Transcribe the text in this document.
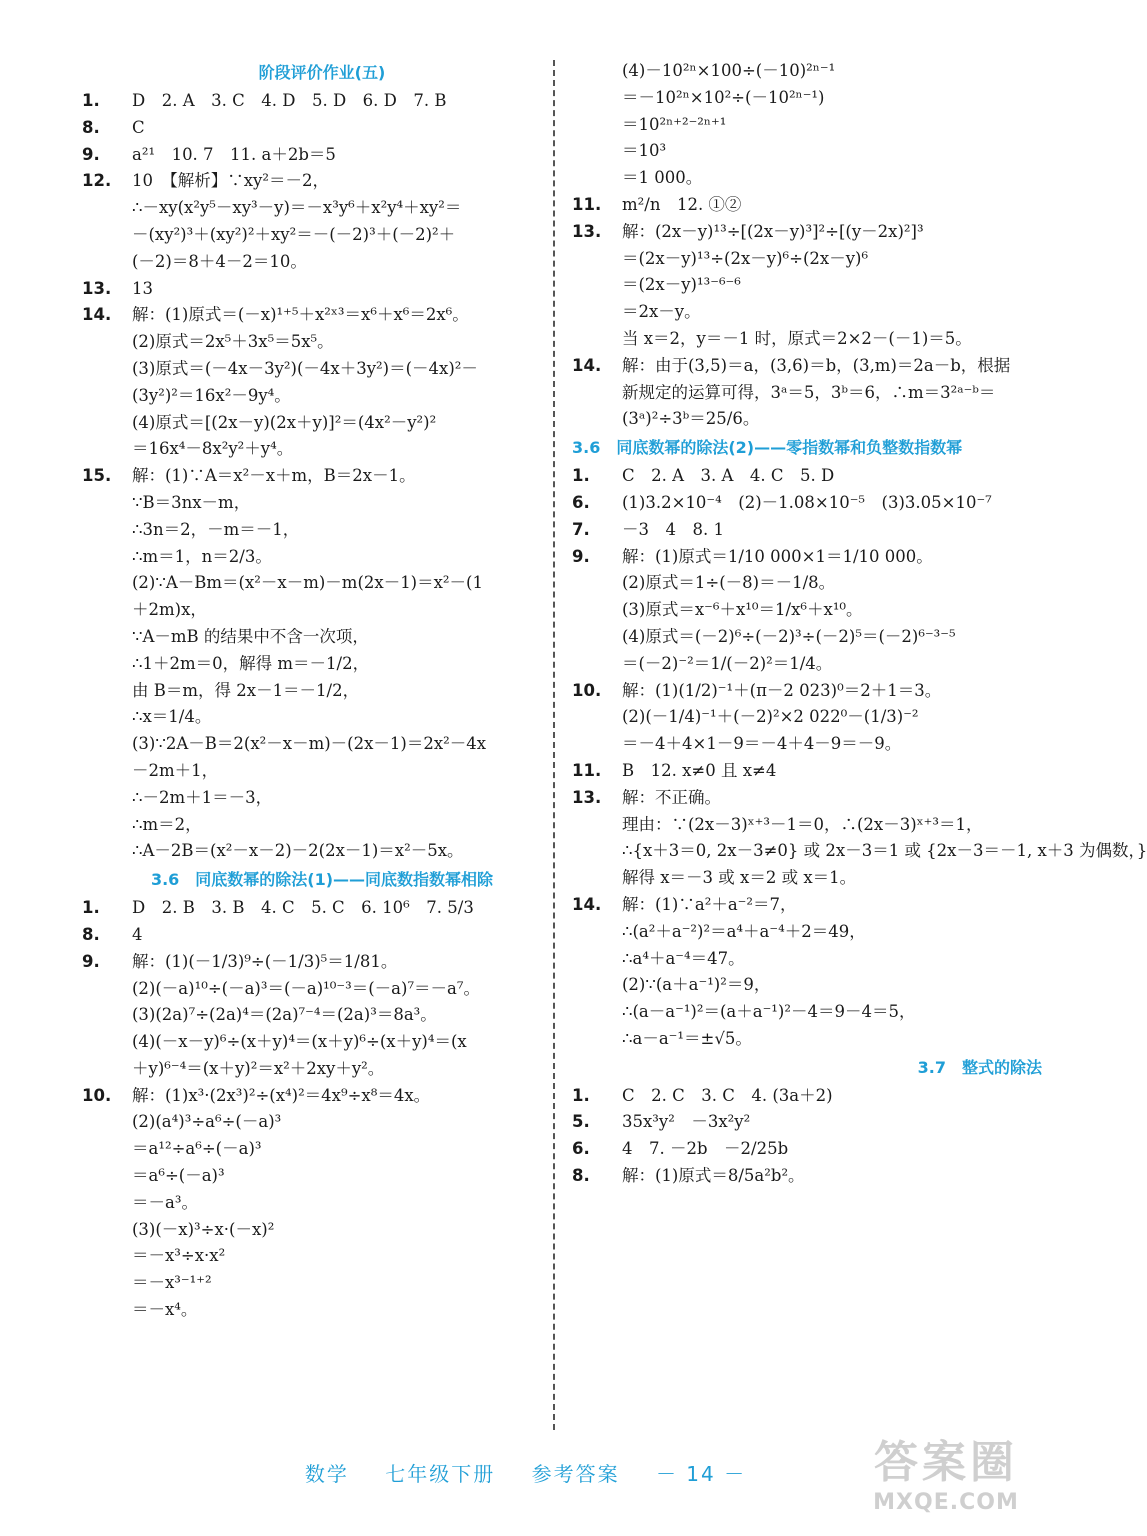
阶段评价作业(五)
1. D　2. A　3. C　4. D　5. D　6. D　7. B
8. C
9. a²¹　10. 7　11. a＋2b＝5
12. 10　【解析】∵xy²＝－2，
∴－xy(x²y⁵－xy³－y)＝－x³y⁶＋x²y⁴＋xy²＝
－(xy²)³＋(xy²)²＋xy²＝－(－2)³＋(－2)²＋
(－2)＝8＋4－2＝10。
13. 13
14. 解：(1)原式＝(－x)¹⁺⁵＋x²ˣ³＝x⁶＋x⁶＝2x⁶。
(2)原式＝2x⁵＋3x⁵＝5x⁵。
(3)原式＝(－4x－3y²)(－4x＋3y²)＝(－4x)²－
(3y²)²＝16x²－9y⁴。
(4)原式＝[(2x－y)(2x＋y)]²＝(4x²－y²)²
＝16x⁴－8x²y²＋y⁴。
15. 解：(1)∵A＝x²－x＋m，B＝2x－1。
∵B＝3nx－m，
∴3n＝2，－m＝－1，
∴m＝1，n＝2/3。
(2)∵A－Bm＝(x²－x－m)－m(2x－1)＝x²－(1
＋2m)x，
∵A－mB 的结果中不含一次项，
∴1＋2m＝0，解得 m＝－1/2，
由 B＝m，得 2x－1＝－1/2，
∴x＝1/4。
(3)∵2A－B＝2(x²－x－m)－(2x－1)＝2x²－4x
－2m＋1，
∴－2m＋1＝－3，
∴m＝2，
∴A－2B＝(x²－x－2)－2(2x－1)＝x²－5x。
3.6　同底数幂的除法(1)——同底数指数幂相除
1. D　2. B　3. B　4. C　5. C　6. 10⁶　7. 5/3
8. 4
9. 解：(1)(－1/3)⁹÷(－1/3)⁵＝1/81。
(2)(－a)¹⁰÷(－a)³＝(－a)¹⁰⁻³＝(－a)⁷＝－a⁷。
(3)(2a)⁷÷(2a)⁴＝(2a)⁷⁻⁴＝(2a)³＝8a³。
(4)(－x－y)⁶÷(x＋y)⁴＝(x＋y)⁶÷(x＋y)⁴＝(x
＋y)⁶⁻⁴＝(x＋y)²＝x²＋2xy＋y²。
10. 解：(1)x³·(2x³)²÷(x⁴)²＝4x⁹÷x⁸＝4x。
(2)(a⁴)³÷a⁶÷(－a)³
＝a¹²÷a⁶÷(－a)³
＝a⁶÷(－a)³
＝－a³。
(3)(－x)³÷x·(－x)²
＝－x³÷x·x²
＝－x³⁻¹⁺²
＝－x⁴。
(4)－10²ⁿ×100÷(－10)²ⁿ⁻¹
＝－10²ⁿ×10²÷(－10²ⁿ⁻¹)
＝10²ⁿ⁺²⁻²ⁿ⁺¹
＝10³
＝1 000。
11. m²/n　12. ①②
13. 解：(2x－y)¹³÷[(2x－y)³]²÷[(y－2x)²]³
＝(2x－y)¹³÷(2x－y)⁶÷(2x－y)⁶
＝(2x－y)¹³⁻⁶⁻⁶
＝2x－y。
当 x＝2，y＝－1 时，原式＝2×2－(－1)＝5。
14. 解：由于(3,5)＝a，(3,6)＝b，(3,m)＝2a－b，根据
新规定的运算可得，3ᵃ＝5，3ᵇ＝6，∴m＝3²ᵃ⁻ᵇ＝
(3ᵃ)²÷3ᵇ＝25/6。
3.6　同底数幂的除法(2)——零指数幂和负整数指数幂
1. C　2. A　3. A　4. C　5. D
6. (1)3.2×10⁻⁴　(2)－1.08×10⁻⁵　(3)3.05×10⁻⁷
7. －3　4　8. 1
9. 解：(1)原式＝1/10 000×1＝1/10 000。
(2)原式＝1÷(－8)＝－1/8。
(3)原式＝x⁻⁶＋x¹⁰＝1/x⁶＋x¹⁰。
(4)原式＝(－2)⁶÷(－2)³÷(－2)⁵＝(－2)⁶⁻³⁻⁵
＝(－2)⁻²＝1/(－2)²＝1/4。
10. 解：(1)(1/2)⁻¹＋(π－2 023)⁰＝2＋1＝3。
(2)(－1/4)⁻¹＋(－2)²×2 022⁰－(1/3)⁻²
＝－4＋4×1－9＝－4＋4－9＝－9。
11. B　12. x≠0 且 x≠4
13. 解：不正确。
理由：∵(2x－3)ˣ⁺³－1＝0，∴(2x－3)ˣ⁺³＝1，
∴{x＋3＝0, 2x－3≠0} 或 2x－3＝1 或 {2x－3＝－1, x＋3 为偶数，}
解得 x＝－3 或 x＝2 或 x＝1。
14. 解：(1)∵a²＋a⁻²＝7，
∴(a²＋a⁻²)²＝a⁴＋a⁻⁴＋2＝49，
∴a⁴＋a⁻⁴＝47。
(2)∵(a＋a⁻¹)²＝9，
∴(a－a⁻¹)²＝(a＋a⁻¹)²－4＝9－4＝5，
∴a－a⁻¹＝±√5。
3.7　整式的除法
1. C　2. C　3. C　4. (3a＋2)
5. 35x³y²　－3x²y²
6. 4　7. －2b　－2/25b
8. 解：(1)原式＝8/5a²b²。
数学 七年级下册 参考答案 － 14 －	答案圈
MXQE.COM
